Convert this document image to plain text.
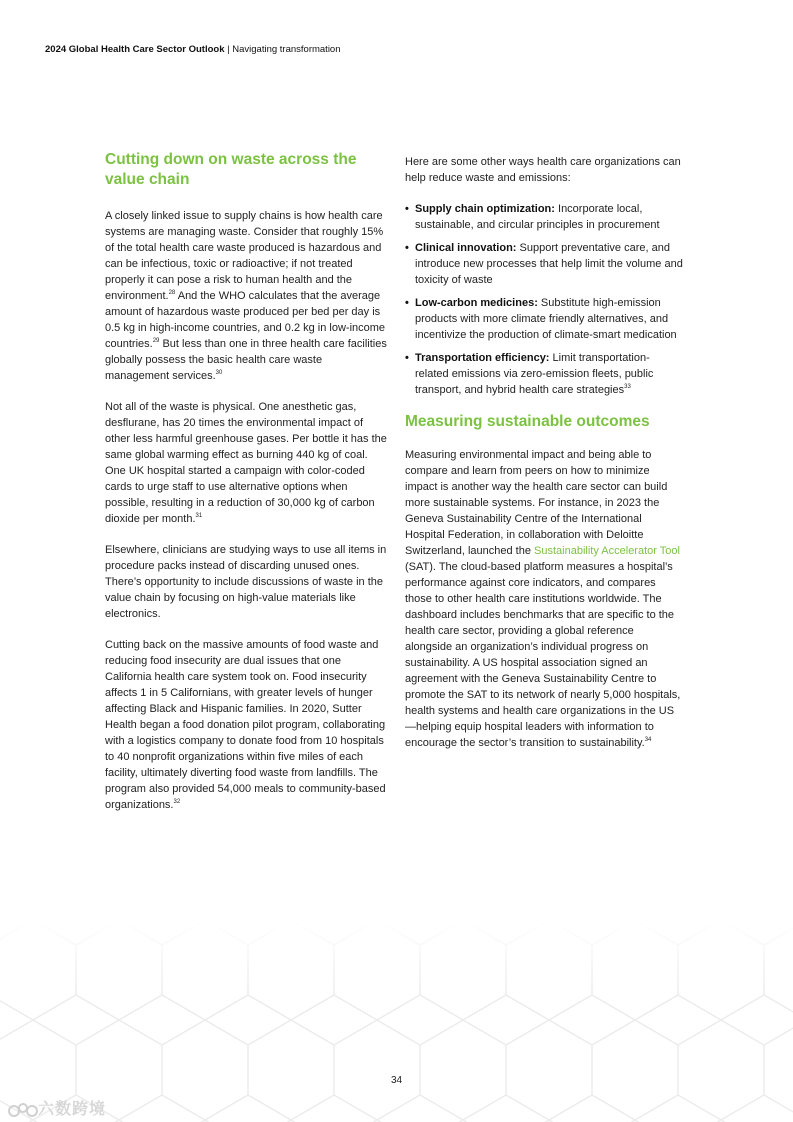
2024 Global Health Care Sector Outlook | Navigating transformation
Cutting down on waste across the value chain

A closely linked issue to supply chains is how health care systems are managing waste. Consider that roughly 15% of the total health care waste produced is hazardous and can be infectious, toxic or radioactive; if not treated properly it can pose a risk to human health and the environment.$^{28}$ And the WHO calculates that the average amount of hazardous waste produced per bed per day is 0.5 kg in high-income countries, and 0.2 kg in low-income countries.$^{29}$ But less than one in three health care facilities globally possess the basic health care waste management services.$^{30}$

Not all of the waste is physical. One anesthetic gas, desflurane, has 20 times the environmental impact of other less harmful greenhouse gases. Per bottle it has the same global warming effect as burning 440 kg of coal. One UK hospital started a campaign with color-coded cards to urge staff to use alternative options when possible, resulting in a reduction of 30,000 kg of carbon dioxide per month.$^{31}$

Elsewhere, clinicians are studying ways to use all items in procedure packs instead of discarding unused ones. There’s opportunity to include discussions of waste in the value chain by focusing on high-value materials like electronics.

Cutting back on the massive amounts of food waste and reducing food insecurity are dual issues that one California health care system took on. Food insecurity affects 1 in 5 Californians, with greater levels of hunger affecting Black and Hispanic families. In 2020, Sutter Health began a food donation pilot program, collaborating with a logistics company to donate food from 10 hospitals to 40 nonprofit organizations within five miles of each facility, ultimately diverting food waste from landfills. The program also provided 54,000 meals to community-based organizations.$^{32}$

Here are some other ways health care organizations can help reduce waste and emissions:

• Supply chain optimization: Incorporate local, sustainable, and circular principles in procurement
• Clinical innovation: Support preventative care, and introduce new processes that help limit the volume and toxicity of waste
• Low-carbon medicines: Substitute high-emission products with more climate friendly alternatives, and incentivize the production of climate-smart medication
• Transportation efficiency: Limit transportation-related emissions via zero-emission fleets, public transport, and hybrid health care strategies$^{33}$
Measuring sustainable outcomes

Measuring environmental impact and being able to compare and learn from peers on how to minimize impact is another way the health care sector can build more sustainable systems. For instance, in 2023 the Geneva Sustainability Centre of the International Hospital Federation, in collaboration with Deloitte Switzerland, launched the Sustainability Accelerator Tool (SAT). The cloud-based platform measures a hospital’s performance against core indicators, and compares those to other health care institutions worldwide. The dashboard includes benchmarks that are specific to the health care sector, providing a global reference alongside an organization’s individual progress on sustainability. A US hospital association signed an agreement with the Geneva Sustainability Centre to promote the SAT to its network of nearly 5,000 hospitals, health systems and health care organizations in the US—helping equip hospital leaders with information to encourage the sector’s transition to sustainability.$^{34}$

34
六数跨境
